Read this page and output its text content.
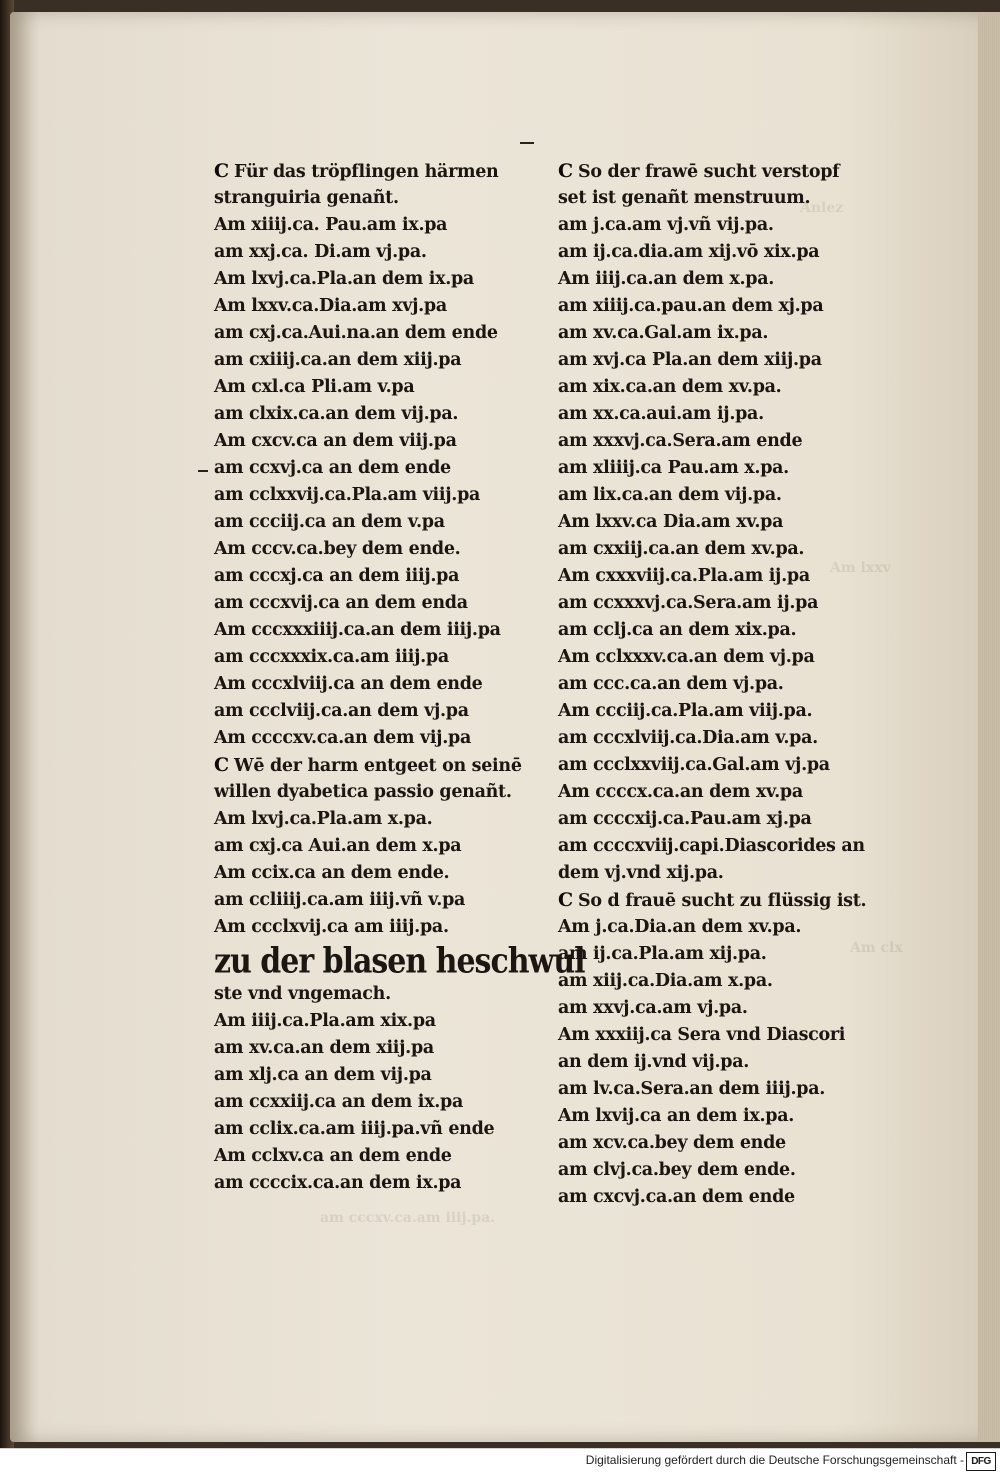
Anlez
Am lxxv
Am clx
am cccxv.ca.am iiij.pa.
C Für das tröpflingen härmen
stranguiria genañt.
Am xiiij.ca. Pau.am ix.pa
am xxj.ca. Di.am vj.pa.
Am lxvj.ca.Pla.an dem ix.pa
Am lxxv.ca.Dia.am xvj.pa
am cxj.ca.Aui.na.an dem ende
am cxiiij.ca.an dem xiij.pa
Am cxl.ca Pli.am v.pa
am clxix.ca.an dem vij.pa.
Am cxcv.ca an dem viij.pa
am ccxvj.ca an dem ende
am cclxxvij.ca.Pla.am viij.pa
am ccciij.ca an dem v.pa
Am cccv.ca.bey dem ende.
am cccxj.ca an dem iiij.pa
am cccxvij.ca an dem enda
Am cccxxxiiij.ca.an dem iiij.pa
am cccxxxix.ca.am iiij.pa
Am cccxlviij.ca an dem ende
am ccclviij.ca.an dem vj.pa
Am ccccxv.ca.an dem vij.pa
C Wē der harm entgeet on seinē
willen dyabetica passio genañt.
Am lxvj.ca.Pla.am x.pa.
am cxj.ca Aui.an dem x.pa
Am ccix.ca an dem ende.
am ccliiij.ca.am iiij.vñ v.pa
Am ccclxvij.ca am iiij.pa.
zu der blasen heschwul
ste vnd vngemach.
Am iiij.ca.Pla.am xix.pa
am xv.ca.an dem xiij.pa
am xlj.ca an dem vij.pa
am ccxxiij.ca an dem ix.pa
am cclix.ca.am iiij.pa.vñ ende
Am cclxv.ca an dem ende
am ccccix.ca.an dem ix.pa
C So der frawē sucht verstopf
set ist genañt menstruum.
am j.ca.am vj.vñ vij.pa.
am ij.ca.dia.am xij.vō xix.pa
Am iiij.ca.an dem x.pa.
am xiiij.ca.pau.an dem xj.pa
am xv.ca.Gal.am ix.pa.
am xvj.ca Pla.an dem xiij.pa
am xix.ca.an dem xv.pa.
am xx.ca.aui.am ij.pa.
am xxxvj.ca.Sera.am ende
am xliiij.ca Pau.am x.pa.
am lix.ca.an dem vij.pa.
Am lxxv.ca Dia.am xv.pa
am cxxiij.ca.an dem xv.pa.
Am cxxxviij.ca.Pla.am ij.pa
am ccxxxvj.ca.Sera.am ij.pa
am cclj.ca an dem xix.pa.
Am cclxxxv.ca.an dem vj.pa
am ccc.ca.an dem vj.pa.
Am ccciij.ca.Pla.am viij.pa.
am cccxlviij.ca.Dia.am v.pa.
am ccclxxviij.ca.Gal.am vj.pa
Am ccccx.ca.an dem xv.pa
am ccccxij.ca.Pau.am xj.pa
am ccccxviij.capi.Diascorides an
dem vj.vnd xij.pa.
C So d frauē sucht zu flüssig ist.
Am j.ca.Dia.an dem xv.pa.
am ij.ca.Pla.am xij.pa.
am xiij.ca.Dia.am x.pa.
am xxvj.ca.am vj.pa.
Am xxxiij.ca Sera vnd Diascori
an dem ij.vnd vij.pa.
am lv.ca.Sera.an dem iiij.pa.
Am lxvij.ca an dem ix.pa.
am xcv.ca.bey dem ende
am clvj.ca.bey dem ende.
am cxcvj.ca.an dem ende
Digitalisierung gefördert durch die Deutsche Forschungsgemeinschaft - DFG
